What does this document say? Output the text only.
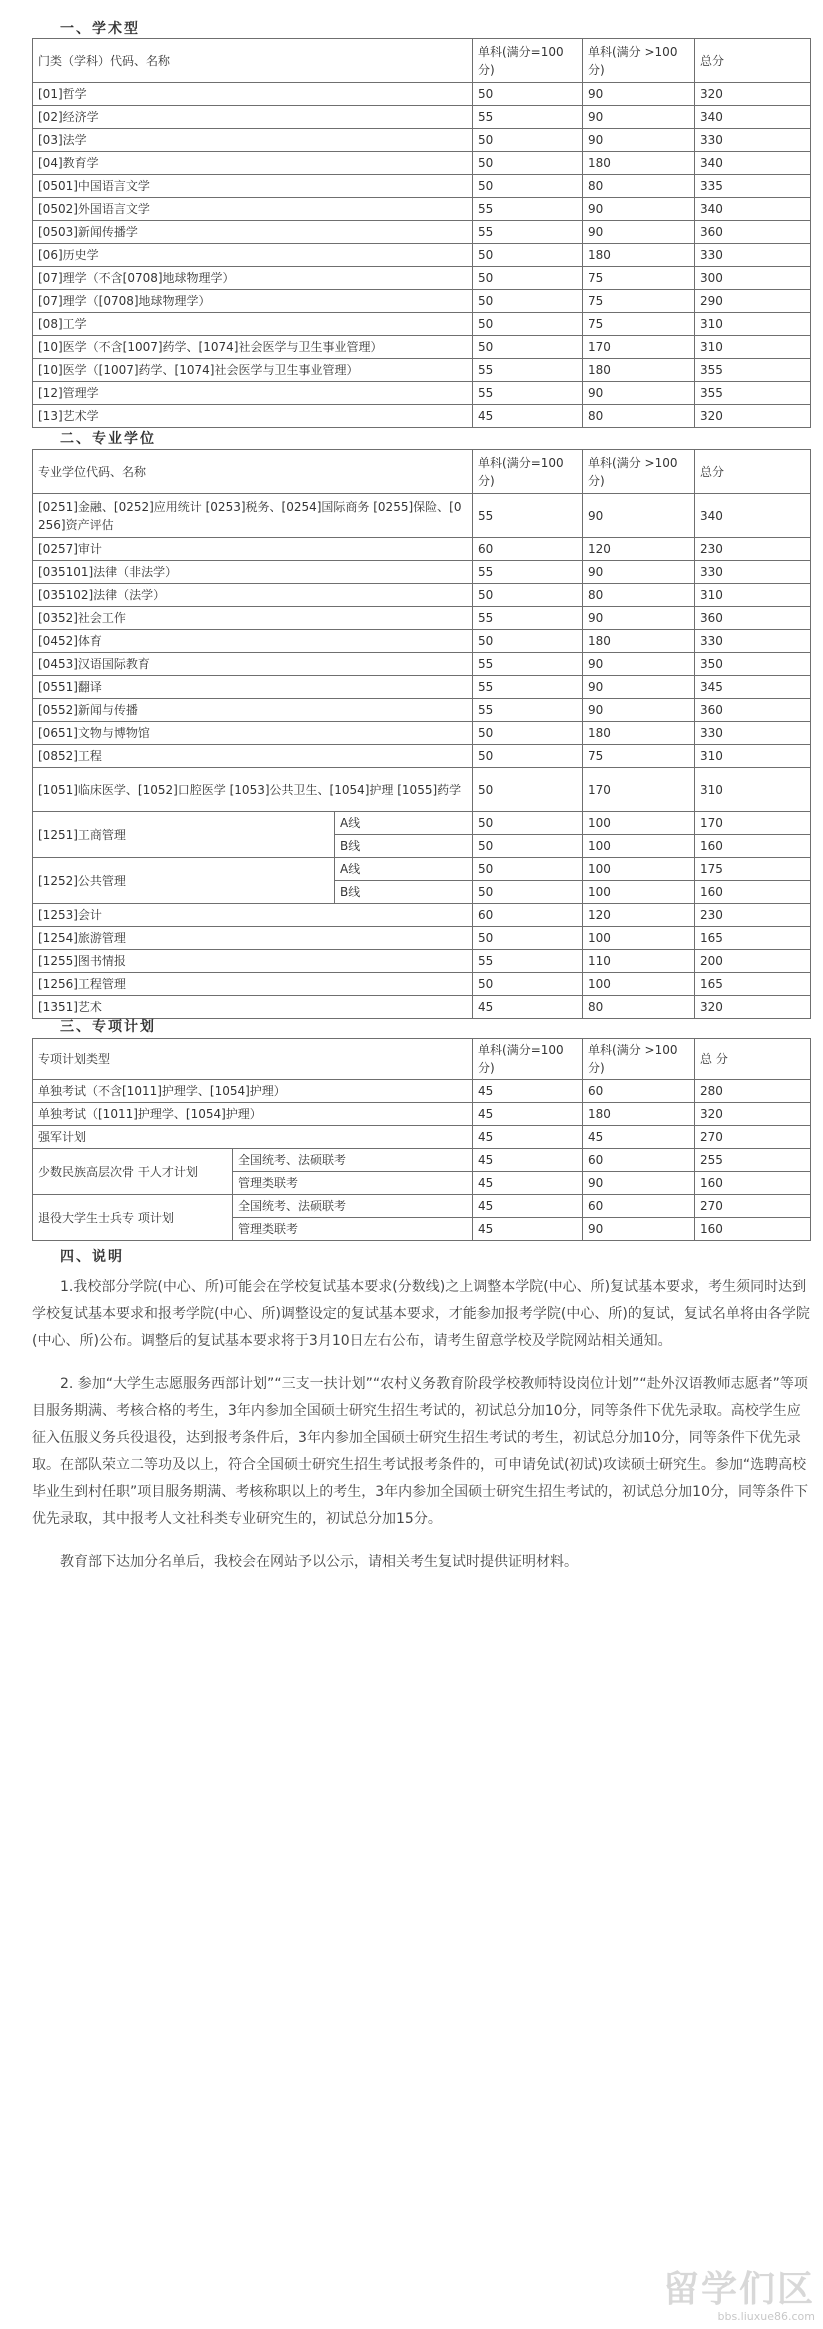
一、学术型
门类（学科）代码、名称	单科(满分=100分)	单科(满分 >100分)	总分
[01]哲学	50	90	320
[02]经济学	55	90	340
[03]法学	50	90	330
[04]教育学	50	180	340
[0501]中国语言文学	50	80	335
[0502]外国语言文学	55	90	340
[0503]新闻传播学	55	90	360
[06]历史学	50	180	330
[07]理学（不含[0708]地球物理学）	50	75	300
[07]理学（[0708]地球物理学）	50	75	290
[08]工学	50	75	310
[10]医学（不含[1007]药学、[1074]社会医学与卫生事业管理）	50	170	310
[10]医学（[1007]药学、[1074]社会医学与卫生事业管理）	55	180	355
[12]管理学	55	90	355
[13]艺术学	45	80	320
二、专业学位
专业学位代码、名称		单科(满分=100分)	单科(满分 >100分)	总分
[0251]金融、[0252]应用统计 [0253]税务、[0254]国际商务 [0255]保险、[0256]资产评估		55	90	340
[0257]审计		60	120	230
[035101]法律（非法学）		55	90	330
[035102]法律（法学）		50	80	310
[0352]社会工作		55	90	360
[0452]体育		50	180	330
[0453]汉语国际教育		55	90	350
[0551]翻译		55	90	345
[0552]新闻与传播		55	90	360
[0651]文物与博物馆		50	180	330
[0852]工程		50	75	310
[1051]临床医学、[1052]口腔医学 [1053]公共卫生、[1054]护理 [1055]药学		50	170	310
[1251]工商管理	A线	50	100	170
	B线	50	100	160
[1252]公共管理	A线	50	100	175
	B线	50	100	160
[1253]会计		60	120	230
[1254]旅游管理		50	100	165
[1255]图书情报		55	110	200
[1256]工程管理		50	100	165
[1351]艺术		45	80	320
三、专项计划
专项计划类型		单科(满分=100分)	单科(满分 >100分)	总 分
单独考试（不含[1011]护理学、[1054]护理）		45	60	280
单独考试（[1011]护理学、[1054]护理）		45	180	320
强军计划		45	45	270
少数民族高层次骨 干人才计划	全国统考、法硕联考	45	60	255
	管理类联考	45	90	160
退役大学生士兵专 项计划	全国统考、法硕联考	45	60	270
	管理类联考	45	90	160
四、说明

1.我校部分学院(中心、所)可能会在学校复试基本要求(分数线)之上调整本学院(中心、所)复试基本要求，考生须同时达到学校复试基本要求和报考学院(中心、所)调整设定的复试基本要求，才能参加报考学院(中心、所)的复试，复试名单将由各学院(中心、所)公布。调整后的复试基本要求将于3月10日左右公布，请考生留意学校及学院网站相关通知。

2. 参加“大学生志愿服务西部计划”“三支一扶计划”“农村义务教育阶段学校教师特设岗位计划”“赴外汉语教师志愿者”等项目服务期满、考核合格的考生，3年内参加全国硕士研究生招生考试的，初试总分加10分，同等条件下优先录取。高校学生应征入伍服义务兵役退役，达到报考条件后，3年内参加全国硕士研究生招生考试的考生，初试总分加10分，同等条件下优先录取。在部队荣立二等功及以上，符合全国硕士研究生招生考试报考条件的，可申请免试(初试)攻读硕士研究生。参加“选聘高校毕业生到村任职”项目服务期满、考核称职以上的考生，3年内参加全国硕士研究生招生考试的，初试总分加10分，同等条件下优先录取，其中报考人文社科类专业研究生的，初试总分加15分。

教育部下达加分名单后，我校会在网站予以公示，请相关考生复试时提供证明材料。

留学们区
bbs.liuxue86.com
